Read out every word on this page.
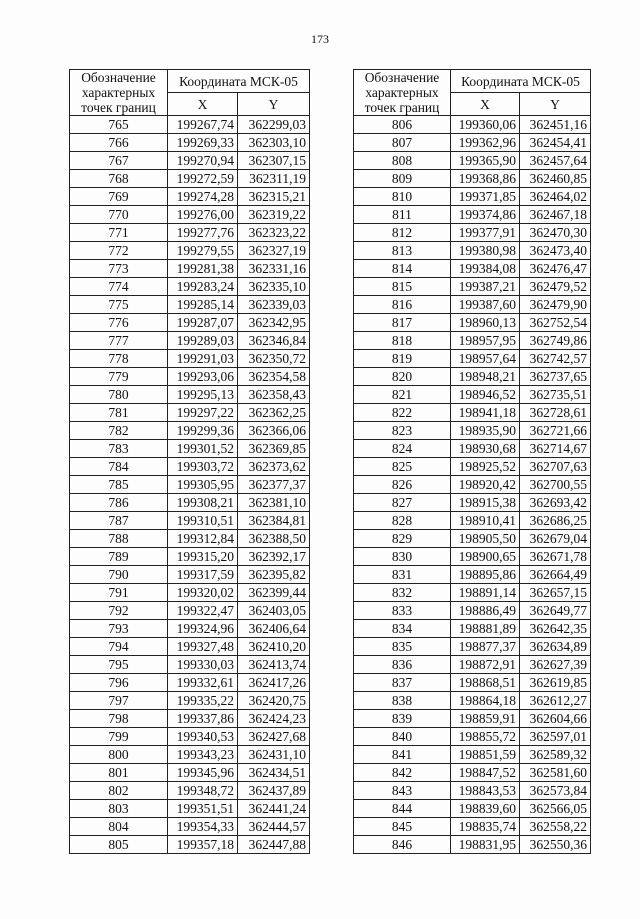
173
Обозначение характерных точек границ	Координата МСК-05	
	X	Y
765	199267,74	362299,03
766	199269,33	362303,10
767	199270,94	362307,15
768	199272,59	362311,19
769	199274,28	362315,21
770	199276,00	362319,22
771	199277,76	362323,22
772	199279,55	362327,19
773	199281,38	362331,16
774	199283,24	362335,10
775	199285,14	362339,03
776	199287,07	362342,95
777	199289,03	362346,84
778	199291,03	362350,72
779	199293,06	362354,58
780	199295,13	362358,43
781	199297,22	362362,25
782	199299,36	362366,06
783	199301,52	362369,85
784	199303,72	362373,62
785	199305,95	362377,37
786	199308,21	362381,10
787	199310,51	362384,81
788	199312,84	362388,50
789	199315,20	362392,17
790	199317,59	362395,82
791	199320,02	362399,44
792	199322,47	362403,05
793	199324,96	362406,64
794	199327,48	362410,20
795	199330,03	362413,74
796	199332,61	362417,26
797	199335,22	362420,75
798	199337,86	362424,23
799	199340,53	362427,68
800	199343,23	362431,10
801	199345,96	362434,51
802	199348,72	362437,89
803	199351,51	362441,24
804	199354,33	362444,57
805	199357,18	362447,88
Обозначение характерных точек границ	Координата МСК-05	
	X	Y
806	199360,06	362451,16
807	199362,96	362454,41
808	199365,90	362457,64
809	199368,86	362460,85
810	199371,85	362464,02
811	199374,86	362467,18
812	199377,91	362470,30
813	199380,98	362473,40
814	199384,08	362476,47
815	199387,21	362479,52
816	199387,60	362479,90
817	198960,13	362752,54
818	198957,95	362749,86
819	198957,64	362742,57
820	198948,21	362737,65
821	198946,52	362735,51
822	198941,18	362728,61
823	198935,90	362721,66
824	198930,68	362714,67
825	198925,52	362707,63
826	198920,42	362700,55
827	198915,38	362693,42
828	198910,41	362686,25
829	198905,50	362679,04
830	198900,65	362671,78
831	198895,86	362664,49
832	198891,14	362657,15
833	198886,49	362649,77
834	198881,89	362642,35
835	198877,37	362634,89
836	198872,91	362627,39
837	198868,51	362619,85
838	198864,18	362612,27
839	198859,91	362604,66
840	198855,72	362597,01
841	198851,59	362589,32
842	198847,52	362581,60
843	198843,53	362573,84
844	198839,60	362566,05
845	198835,74	362558,22
846	198831,95	362550,36
